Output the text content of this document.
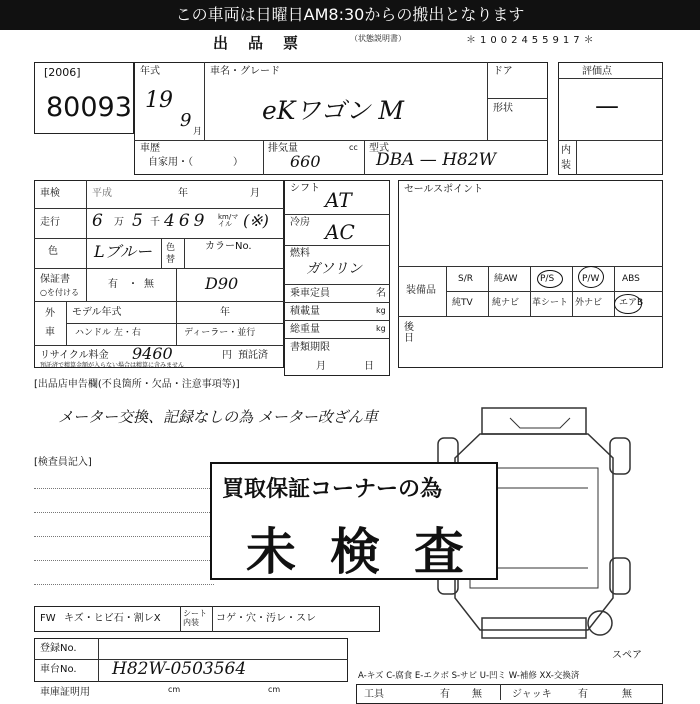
この車両は日曜日AM8:30からの搬出となります
出品票	（状態説明書）	＊1002455917＊
[2006]
80093
年式
19
9
月
車名・グレード
eKワゴン M
ドア
形状
車歴
自家用・（　　　　）
排気量	cc
660
型式
DBA — H82W
評価点
—
内装
車検	平成	年	月
走行 6 万 5 千 469 km/マイル (※)
色 Lブルー 色替
カラーNo.
D90
保証書
○を付ける
有 ・ 無
外
車
モデル年式	年
ハンドル 左・右	ディーラー・並行
リサイクル料金 9460	円 預託済
預託済で精算金額が入らない場合は精算に含みません
シフト AT
冷房 AC
燃料
ガソリン
乗車定員	名
積載量	kg
総重量	kg
書類期限
月	日
セールスポイント
装備品
S/R 純AW P/S	P/W	ABS
純TV 純ナビ 革シート 外ナビ エアB
後日
[出品店申告欄(不良箇所・欠品・注意事項等)]
メーター交換、記録なしの為 メーター改ざん車
[検査員記入]
買取保証コーナーの為
未検査
FW キズ・ヒビ石・割レX	シート内装	コゲ・穴・汚レ・スレ
登録No.
車台No. H82W-0503564
車庫証明用	cm	cm
スペア
A-キズ C-腐食 E-エクボ S-サビ U-凹ミ W-補修 XX-交換済
工具	有 無	ジャッキ	有	無
